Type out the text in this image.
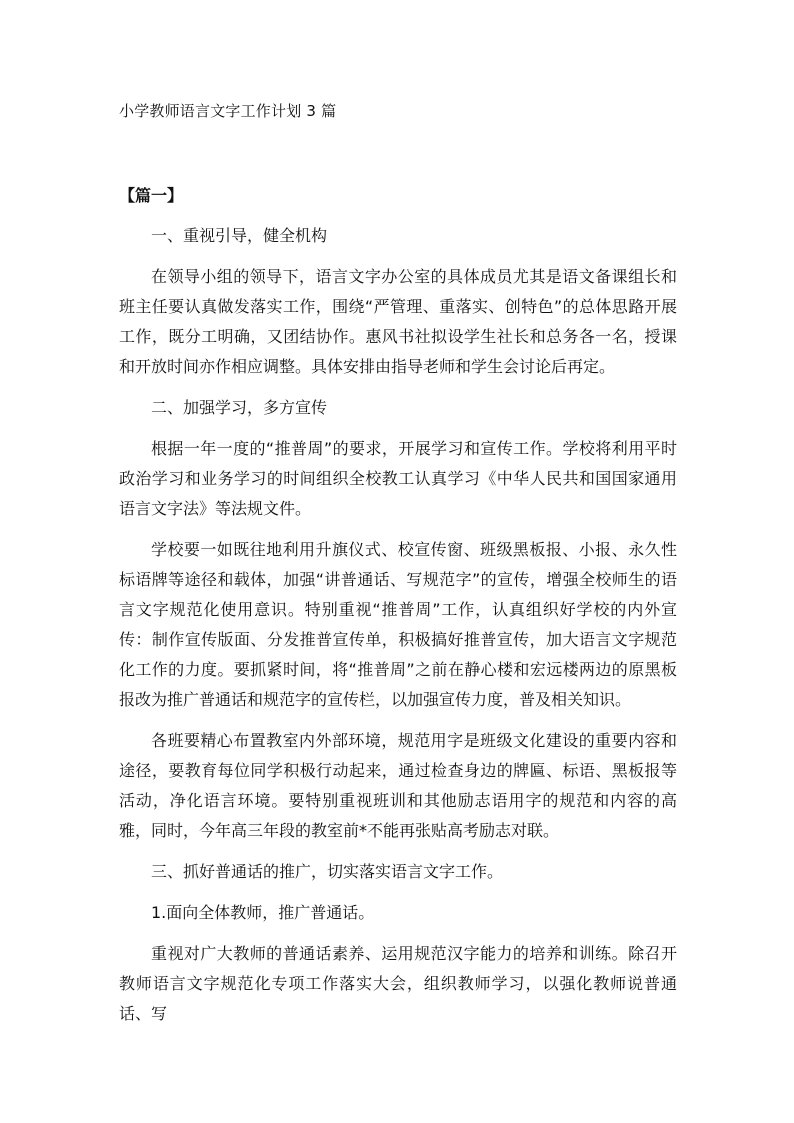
小学教师语言文字工作计划 3 篇
【篇一】

一、重视引导，健全机构

在领导小组的领导下，语言文字办公室的具体成员尤其是语文备课组长和班主任要认真做发落实工作，围绕“严管理、重落实、创特色”的总体思路开展工作，既分工明确，又团结协作。惠风书社拟设学生社长和总务各一名，授课和开放时间亦作相应调整。具体安排由指导老师和学生会讨论后再定。

二、加强学习，多方宣传

根据一年一度的“推普周”的要求，开展学习和宣传工作。学校将利用平时政治学习和业务学习的时间组织全校教工认真学习《中华人民共和国国家通用语言文字法》等法规文件。

学校要一如既往地利用升旗仪式、校宣传窗、班级黑板报、小报、永久性标语牌等途径和载体，加强“讲普通话、写规范字”的宣传，增强全校师生的语言文字规范化使用意识。特别重视“推普周”工作，认真组织好学校的内外宣传：制作宣传版面、分发推普宣传单，积极搞好推普宣传，加大语言文字规范化工作的力度。要抓紧时间，将“推普周”之前在静心楼和宏远楼两边的原黑板报改为推广普通话和规范字的宣传栏，以加强宣传力度，普及相关知识。

各班要精心布置教室内外部环境，规范用字是班级文化建设的重要内容和途径，要教育每位同学积极行动起来，通过检查身边的牌匾、标语、黑板报等活动，净化语言环境。要特别重视班训和其他励志语用字的规范和内容的高雅，同时，今年高三年段的教室前*不能再张贴高考励志对联。

三、抓好普通话的推广，切实落实语言文字工作。

1.面向全体教师，推广普通话。

重视对广大教师的普通话素养、运用规范汉字能力的培养和训练。除召开教师语言文字规范化专项工作落实大会，组织教师学习，以强化教师说普通话、写
